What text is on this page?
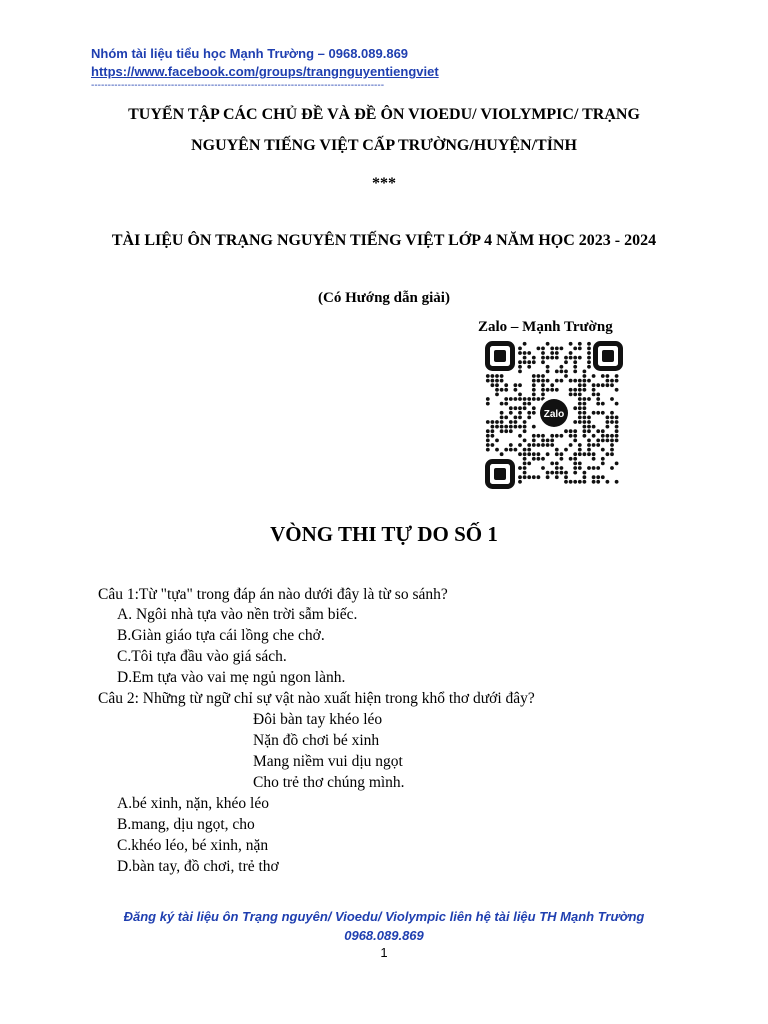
Nhóm tài liệu tiểu học Mạnh Trường – 0968.089.869
https://www.facebook.com/groups/trangnguyentiengviet
----------------------------------------------------------------------------------------
TUYỂN TẬP CÁC CHỦ ĐỀ VÀ ĐỀ ÔN VIOEDU/ VIOLYMPIC/ TRẠNG
NGUYÊN TIẾNG VIỆT CẤP TRƯỜNG/HUYỆN/TỈNH
***
TÀI LIỆU ÔN TRẠNG NGUYÊN TIẾNG VIỆT LỚP 4 NĂM HỌC 2023 - 2024
(Có Hướng dẫn giải)
Zalo – Mạnh Trường
Zalo
VÒNG THI TỰ DO SỐ 1
Câu 1:Từ "tựa" trong đáp án nào dưới đây là từ so sánh?
A. Ngôi nhà tựa vào nền trời sẫm biếc.
B.Giàn giáo tựa cái lồng che chở.
C.Tôi tựa đầu vào giá sách.
D.Em tựa vào vai mẹ ngủ ngon lành.
Câu 2: Những từ ngữ chỉ sự vật nào xuất hiện trong khổ thơ dưới đây?
Đôi bàn tay khéo léo
Nặn đồ chơi bé xinh
Mang niềm vui dịu ngọt
Cho trẻ thơ chúng mình.
A.bé xinh, nặn, khéo léo
B.mang, dịu ngọt, cho
C.khéo léo, bé xinh, nặn
D.bàn tay, đồ chơi, trẻ thơ
Đăng ký tài liệu ôn Trạng nguyên/ Vioedu/ Violympic liên hệ tài liệu TH Mạnh Trường
0968.089.869
1
